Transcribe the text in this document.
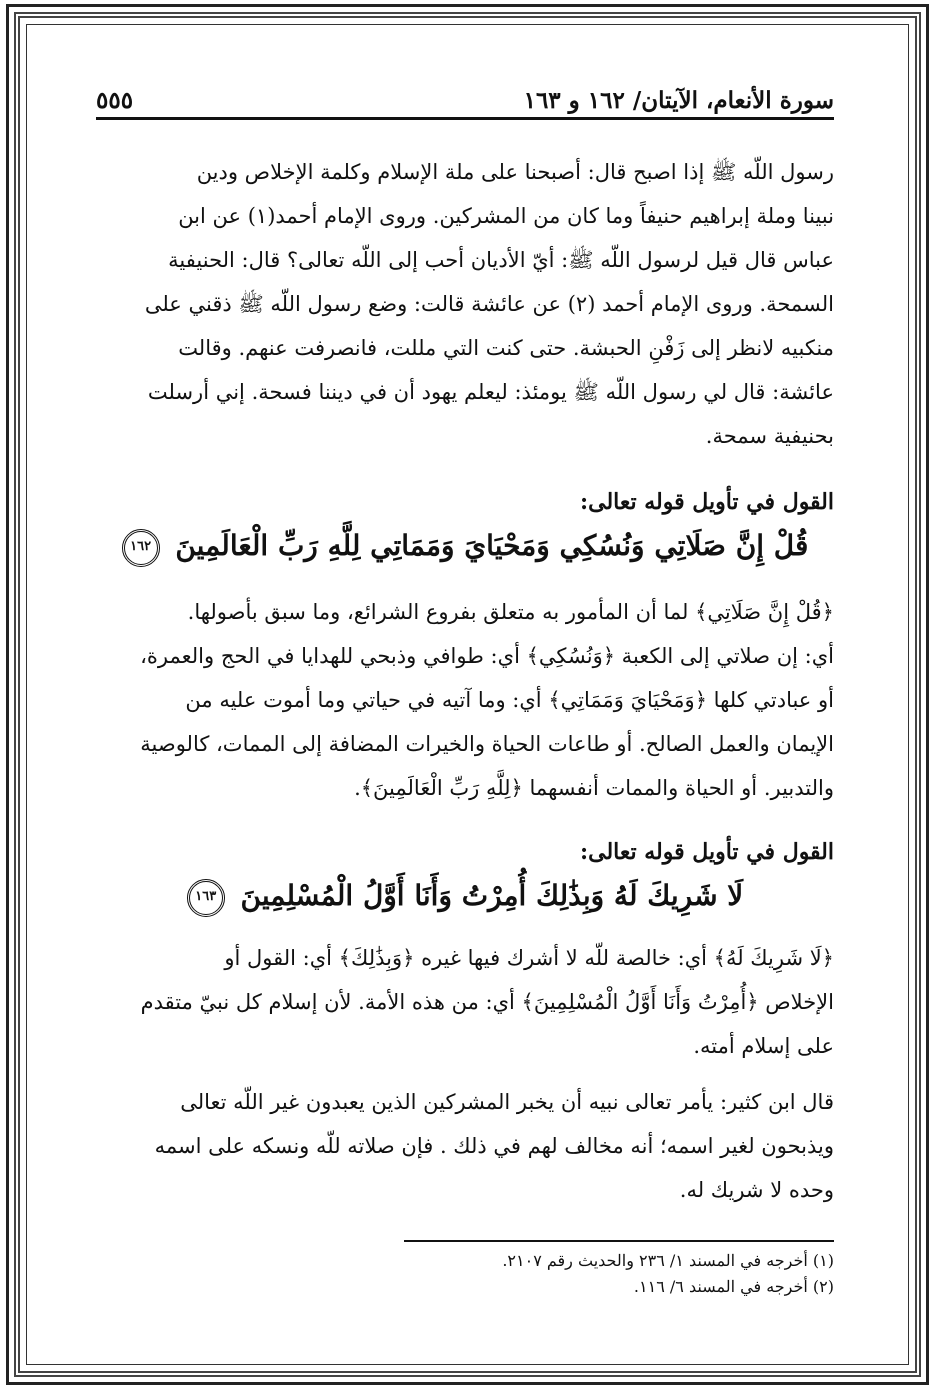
سورة الأنعام، الآيتان/ ١٦٢ و ١٦٣
٥٥٥

رسول اللّه ﷺ إذا اصبح قال: أصبحنا على ملة الإسلام وكلمة الإخلاص ودين

نبينا وملة إبراهيم حنيفاً وما كان من المشركين. وروى الإمام أحمد(١) عن ابن

عباس قال قيل لرسول اللّه ﷺ: أيّ الأديان أحب إلى اللّه تعالى؟ قال: الحنيفية

السمحة. وروى الإمام أحمد (٢) عن عائشة قالت: وضع رسول اللّه ﷺ ذقني على

منكبيه لانظر إلى زَفْنِ الحبشة. حتى كنت التي مللت، فانصرفت عنهم. وقالت

عائشة: قال لي رسول اللّه ﷺ يومئذ: ليعلم يهود أن في ديننا فسحة. إني أرسلت

بحنيفية سمحة.

القول في تأويل قوله تعالى:

قُلْ إِنَّ صَلَاتِي وَنُسُكِي وَمَحْيَايَ وَمَمَاتِي لِلَّهِ رَبِّ الْعَالَمِينَ ١٦٢

﴿قُلْ إِنَّ صَلَاتِي﴾ لما أن المأمور به متعلق بفروع الشرائع، وما سبق بأصولها.

أي: إن صلاتي إلى الكعبة ﴿وَنُسُكِي﴾ أي: طوافي وذبحي للهدايا في الحج والعمرة،

أو عبادتي كلها ﴿وَمَحْيَايَ وَمَمَاتِي﴾ أي: وما آتيه في حياتي وما أموت عليه من

الإيمان والعمل الصالح. أو طاعات الحياة والخيرات المضافة إلى الممات، كالوصية

والتدبير. أو الحياة والممات أنفسهما ﴿لِلَّهِ رَبِّ الْعَالَمِينَ﴾.

القول في تأويل قوله تعالى:

لَا شَرِيكَ لَهُ وَبِذَٰلِكَ أُمِرْتُ وَأَنَا أَوَّلُ الْمُسْلِمِينَ ١٦٣

﴿لَا شَرِيكَ لَهُ﴾ أي: خالصة للّه لا أشرك فيها غيره ﴿وَبِذَٰلِكَ﴾ أي: القول أو

الإخلاص ﴿أُمِرْتُ وَأَنَا أَوَّلُ الْمُسْلِمِينَ﴾ أي: من هذه الأمة. لأن إسلام كل نبيّ متقدم

على إسلام أمته.

قال ابن كثير: يأمر تعالى نبيه أن يخبر المشركين الذين يعبدون غير اللّه تعالى

ويذبحون لغير اسمه؛ أنه مخالف لهم في ذلك . فإن صلاته للّه ونسكه على اسمه

وحده لا شريك له.

(١) أخرجه في المسند ١/ ٢٣٦ والحديث رقم ٢١٠٧.

(٢) أخرجه في المسند ٦/ ١١٦.
